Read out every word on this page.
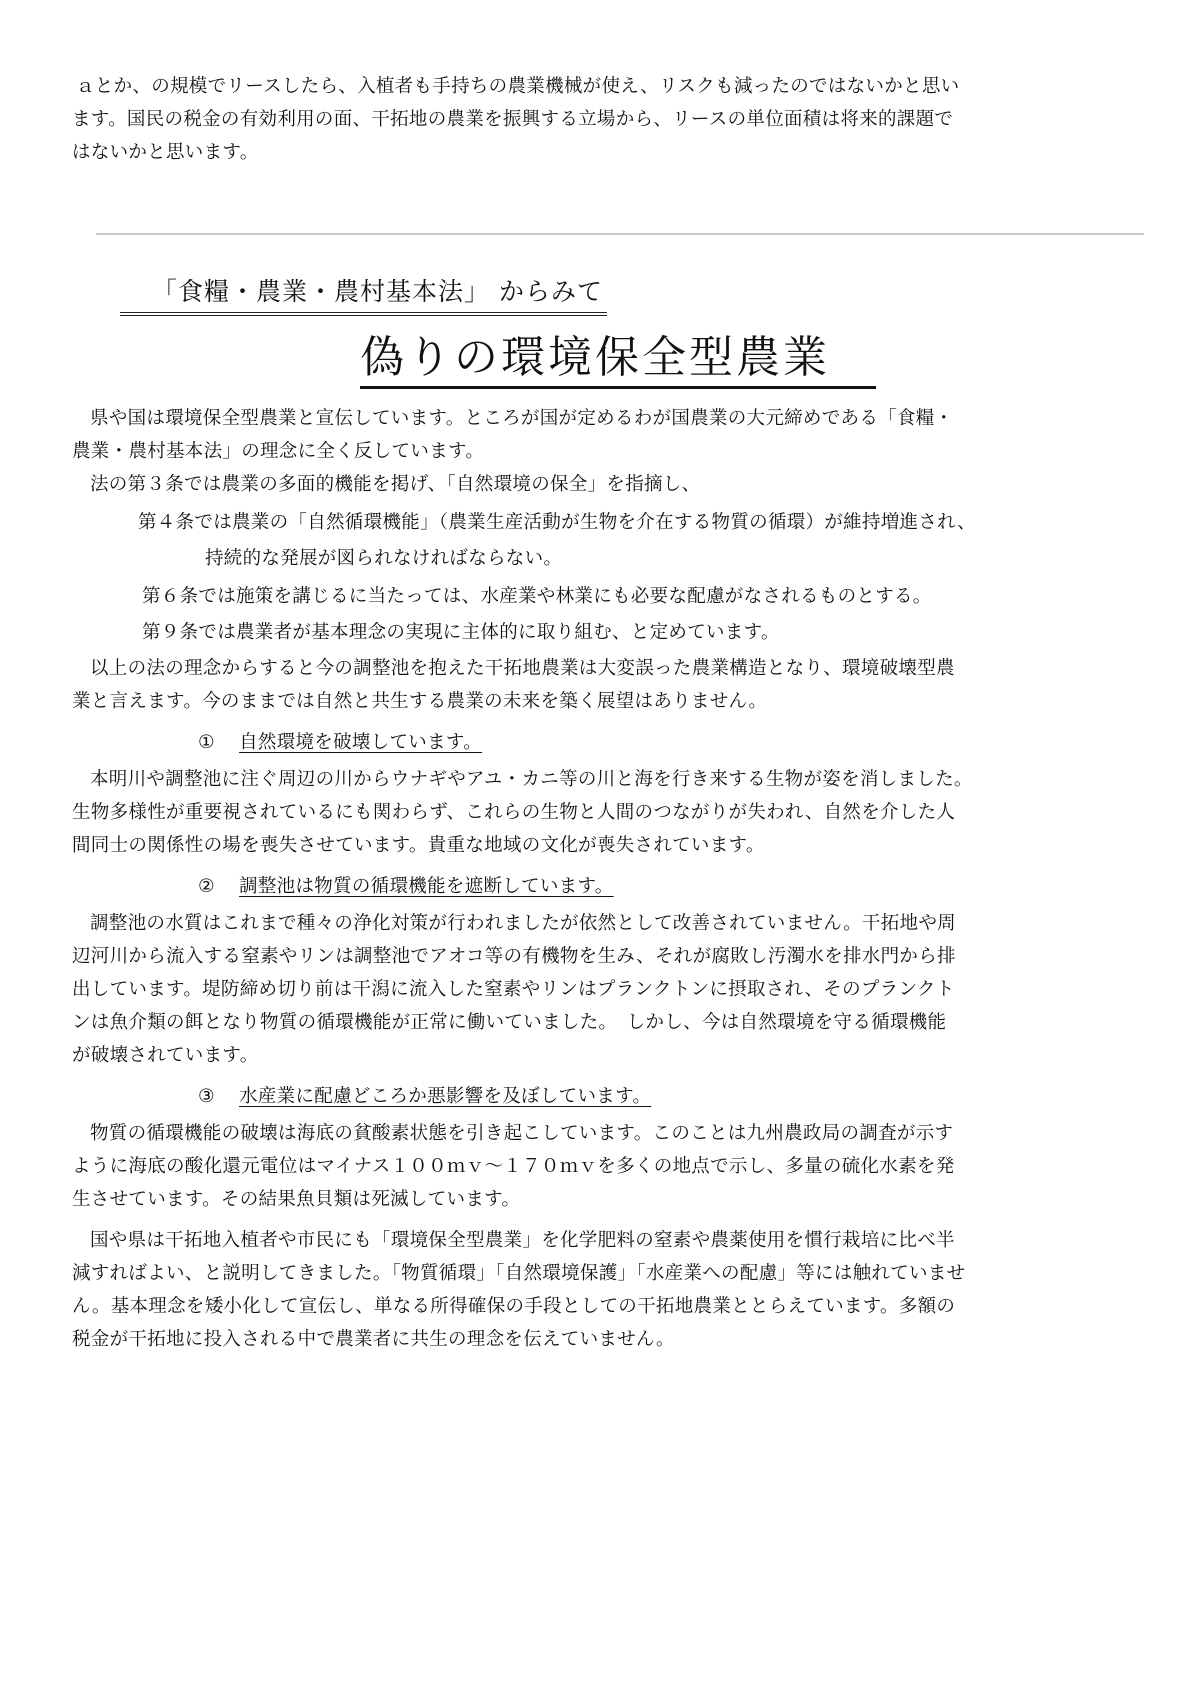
ａとか、の規模でリースしたら、入植者も手持ちの農業機械が使え、リスクも減ったのではないかと思い

ます。国民の税金の有効利用の面、干拓地の農業を振興する立場から、リースの単位面積は将来的課題で

はないかと思います。

「食糧・農業・農村基本法」 からみて
偽りの環境保全型農業

県や国は環境保全型農業と宣伝しています。ところが国が定めるわが国農業の大元締めである「食糧・

農業・農村基本法」の理念に全く反しています。

法の第３条では農業の多面的機能を掲げ、「自然環境の保全」を指摘し、
第４条では農業の「自然循環機能」（農業生産活動が生物を介在する物質の循環）が維持増進され、
持続的な発展が図られなければならない。
第６条では施策を講じるに当たっては、水産業や林業にも必要な配慮がなされるものとする。
第９条では農業者が基本理念の実現に主体的に取り組む、と定めています。

以上の法の理念からすると今の調整池を抱えた干拓地農業は大変誤った農業構造となり、環境破壊型農

業と言えます。今のままでは自然と共生する農業の未来を築く展望はありません。

① 自然環境を破壊しています。

本明川や調整池に注ぐ周辺の川からウナギやアユ・カニ等の川と海を行き来する生物が姿を消しました。

生物多様性が重要視されているにも関わらず、これらの生物と人間のつながりが失われ、自然を介した人

間同士の関係性の場を喪失させています。貴重な地域の文化が喪失されています。

② 調整池は物質の循環機能を遮断しています。

調整池の水質はこれまで種々の浄化対策が行われましたが依然として改善されていません。干拓地や周

辺河川から流入する窒素やリンは調整池でアオコ等の有機物を生み、それが腐敗し汚濁水を排水門から排

出しています。堤防締め切り前は干潟に流入した窒素やリンはプランクトンに摂取され、そのプランクト

ンは魚介類の餌となり物質の循環機能が正常に働いていました。　しかし、今は自然環境を守る循環機能

が破壊されています。

③ 水産業に配慮どころか悪影響を及ぼしています。

物質の循環機能の破壊は海底の貧酸素状態を引き起こしています。このことは九州農政局の調査が示す

ように海底の酸化還元電位はマイナス１００ｍｖ～１７０ｍｖを多くの地点で示し、多量の硫化水素を発

生させています。その結果魚貝類は死滅しています。

国や県は干拓地入植者や市民にも「環境保全型農業」を化学肥料の窒素や農薬使用を慣行栽培に比べ半

減すればよい、と説明してきました。「物質循環」「自然環境保護」「水産業への配慮」等には触れていませ

ん。基本理念を矮小化して宣伝し、単なる所得確保の手段としての干拓地農業ととらえています。多額の

税金が干拓地に投入される中で農業者に共生の理念を伝えていません。
